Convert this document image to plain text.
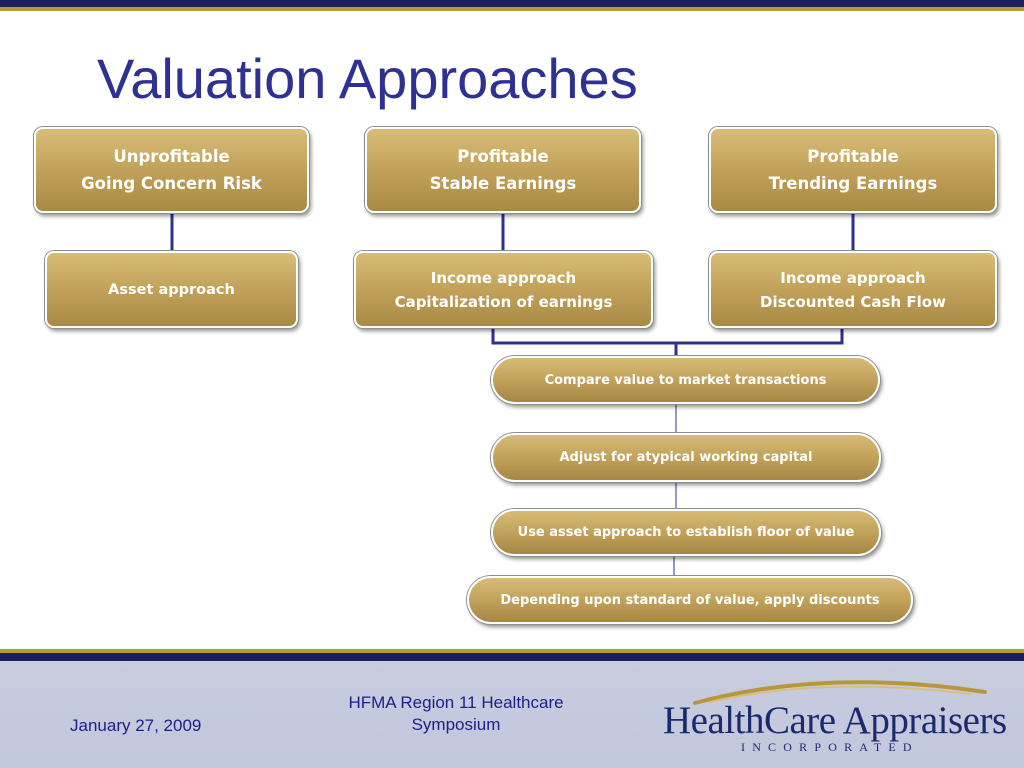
Valuation Approaches
Unprofitable
Going Concern Risk
Profitable
Stable Earnings
Profitable
Trending Earnings
Asset approach
Income approach
Capitalization of earnings
Income approach
Discounted Cash Flow
Compare value to market transactions
Adjust for atypical working capital
Use asset approach to establish floor of value
Depending upon standard of value, apply discounts
January 27, 2009
HFMA Region 11 Healthcare Symposium	HealthCare Appraisers
INCORPORATED
